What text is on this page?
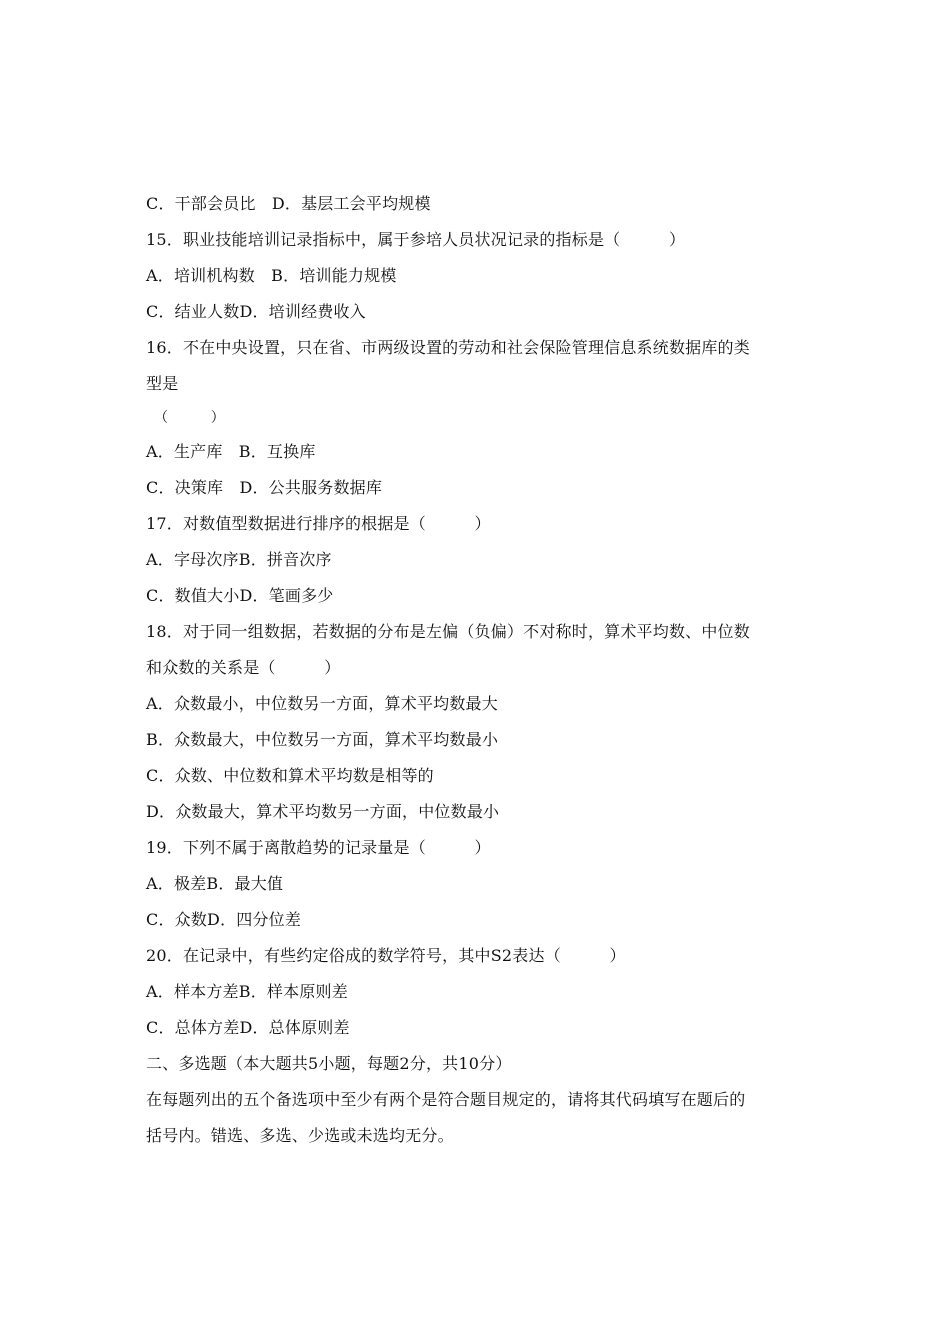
C．干部会员比　D．基层工会平均规模
15．职业技能培训记录指标中，属于参培人员状况记录的指标是（　　　）
A．培训机构数　B．培训能力规模
C．结业人数D．培训经费收入
16．不在中央设置，只在省、市两级设置的劳动和社会保险管理信息系统数据库的类
型是
（　　　）
A．生产库　B．互换库
C．决策库　D．公共服务数据库
17．对数值型数据进行排序的根据是（　　　）
A．字母次序B．拼音次序
C．数值大小D．笔画多少
18．对于同一组数据，若数据的分布是左偏（负偏）不对称时，算术平均数、中位数
和众数的关系是（　　　）
A．众数最小，中位数另一方面，算术平均数最大
B．众数最大，中位数另一方面，算术平均数最小
C．众数、中位数和算术平均数是相等的
D．众数最大，算术平均数另一方面，中位数最小
19．下列不属于离散趋势的记录量是（　　　）
A．极差B．最大值
C．众数D．四分位差
20．在记录中，有些约定俗成的数学符号，其中S2表达（　　　）
A．样本方差B．样本原则差
C．总体方差D．总体原则差
二、多选题（本大题共5小题，每题2分，共10分）
在每题列出的五个备选项中至少有两个是符合题目规定的，请将其代码填写在题后的
括号内。错选、多选、少选或未选均无分。
